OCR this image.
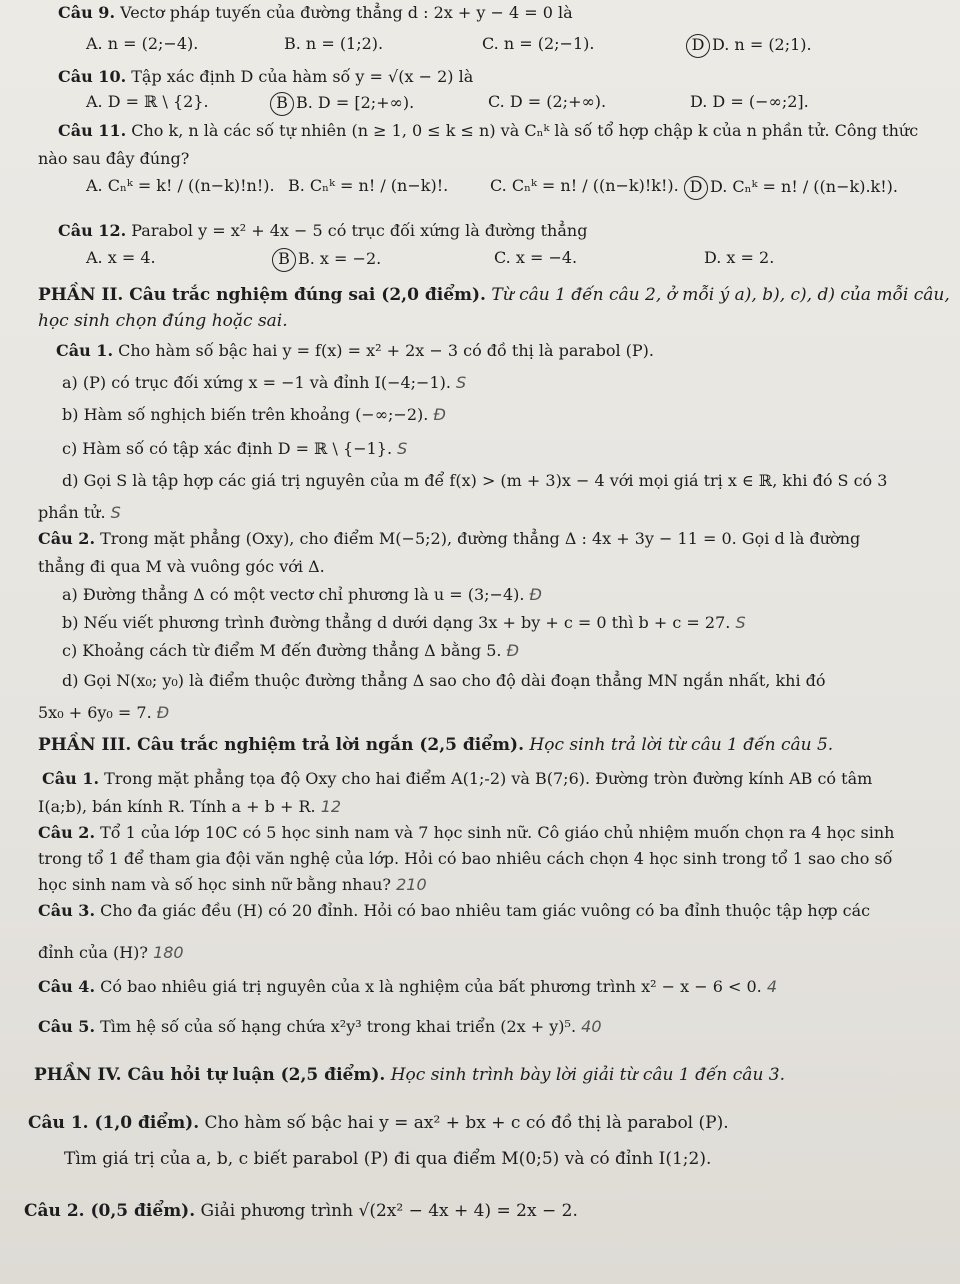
Câu 9. Vectơ pháp tuyến của đường thẳng d : 2x + y − 4 = 0 là
A. n = (2;−4).	B. n = (1;2).	C. n = (2;−1).	D D. n = (2;1).
Câu 10. Tập xác định D của hàm số y = √(x − 2) là
A. D = ℝ \ {2}.	B B. D = [2;+∞).	C. D = (2;+∞).	D. D = (−∞;2].
Câu 11. Cho k, n là các số tự nhiên (n ≥ 1, 0 ≤ k ≤ n) và Cₙᵏ là số tổ hợp chập k của n phần tử. Công thức
nào sau đây đúng?
A. Cₙᵏ = k! / ((n−k)!n!). B. Cₙᵏ = n! / (n−k)!.	C. Cₙᵏ = n! / ((n−k)!k!). D D. Cₙᵏ = n! / ((n−k).k!).
Câu 12. Parabol y = x² + 4x − 5 có trục đối xứng là đường thẳng
A. x = 4.	B B. x = −2.	C. x = −4.	D. x = 2.
PHẦN II. Câu trắc nghiệm đúng sai (2,0 điểm). Từ câu 1 đến câu 2, ở mỗi ý a), b), c), d) của mỗi câu,
học sinh chọn đúng hoặc sai.
Câu 1. Cho hàm số bậc hai y = f(x) = x² + 2x − 3 có đồ thị là parabol (P).
a) (P) có trục đối xứng x = −1 và đỉnh I(−4;−1). S
b) Hàm số nghịch biến trên khoảng (−∞;−2). Đ
c) Hàm số có tập xác định D = ℝ \ {−1}. S
d) Gọi S là tập hợp các giá trị nguyên của m để f(x) > (m + 3)x − 4 với mọi giá trị x ∈ ℝ, khi đó S có 3
phần tử. S
Câu 2. Trong mặt phẳng (Oxy), cho điểm M(−5;2), đường thẳng Δ : 4x + 3y − 11 = 0. Gọi d là đường
thẳng đi qua M và vuông góc với Δ.
a) Đường thẳng Δ có một vectơ chỉ phương là u = (3;−4). Đ
b) Nếu viết phương trình đường thẳng d dưới dạng 3x + by + c = 0 thì b + c = 27. S
c) Khoảng cách từ điểm M đến đường thẳng Δ bằng 5. Đ
d) Gọi N(x₀; y₀) là điểm thuộc đường thẳng Δ sao cho độ dài đoạn thẳng MN ngắn nhất, khi đó
5x₀ + 6y₀ = 7. Đ
PHẦN III. Câu trắc nghiệm trả lời ngắn (2,5 điểm). Học sinh trả lời từ câu 1 đến câu 5.
Câu 1. Trong mặt phẳng tọa độ Oxy cho hai điểm A(1;-2) và B(7;6). Đường tròn đường kính AB có tâm
I(a;b), bán kính R. Tính a + b + R. 12
Câu 2. Tổ 1 của lớp 10C có 5 học sinh nam và 7 học sinh nữ. Cô giáo chủ nhiệm muốn chọn ra 4 học sinh
trong tổ 1 để tham gia đội văn nghệ của lớp. Hỏi có bao nhiêu cách chọn 4 học sinh trong tổ 1 sao cho số
học sinh nam và số học sinh nữ bằng nhau? 210
Câu 3. Cho đa giác đều (H) có 20 đỉnh. Hỏi có bao nhiêu tam giác vuông có ba đỉnh thuộc tập hợp các
đỉnh của (H)? 180
Câu 4. Có bao nhiêu giá trị nguyên của x là nghiệm của bất phương trình x² − x − 6 < 0. 4
Câu 5. Tìm hệ số của số hạng chứa x²y³ trong khai triển (2x + y)⁵. 40
PHẦN IV. Câu hỏi tự luận (2,5 điểm). Học sinh trình bày lời giải từ câu 1 đến câu 3.
Câu 1. (1,0 điểm). Cho hàm số bậc hai y = ax² + bx + c có đồ thị là parabol (P).
Tìm giá trị của a, b, c biết parabol (P) đi qua điểm M(0;5) và có đỉnh I(1;2).
Câu 2. (0,5 điểm). Giải phương trình √(2x² − 4x + 4) = 2x − 2.
